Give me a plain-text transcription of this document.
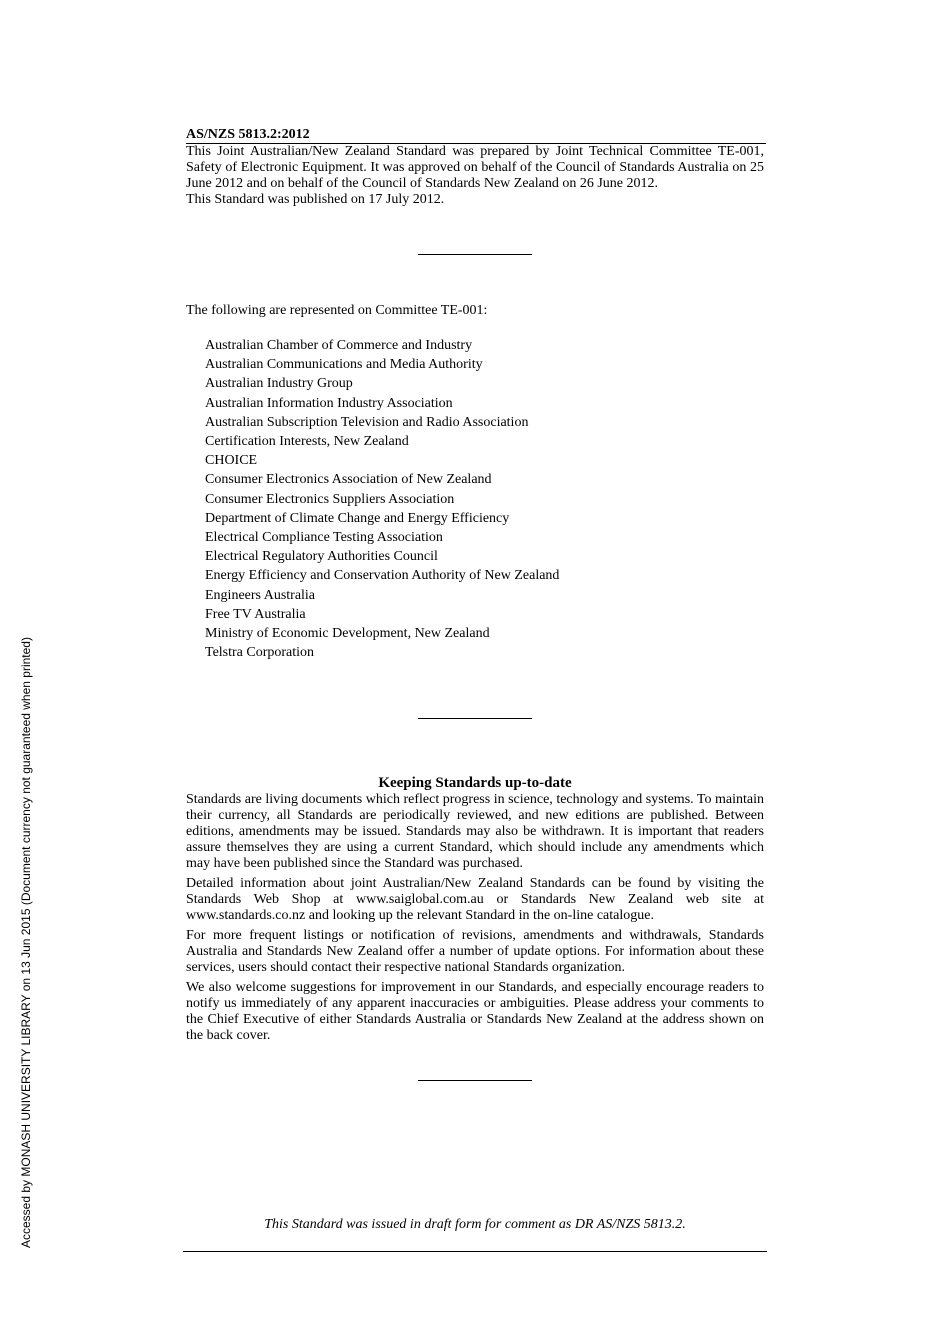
AS/NZS 5813.2:2012

This Joint Australian/New Zealand Standard was prepared by Joint Technical Committee TE-001, Safety of Electronic Equipment. It was approved on behalf of the Council of Standards Australia on 25 June 2012 and on behalf of the Council of Standards New Zealand on 26 June 2012.

This Standard was published on 17 July 2012.

The following are represented on Committee TE-001:
Australian Chamber of Commerce and Industry
Australian Communications and Media Authority
Australian Industry Group
Australian Information Industry Association
Australian Subscription Television and Radio Association
Certification Interests, New Zealand
CHOICE
Consumer Electronics Association of New Zealand
Consumer Electronics Suppliers Association
Department of Climate Change and Energy Efficiency
Electrical Compliance Testing Association
Electrical Regulatory Authorities Council
Energy Efficiency and Conservation Authority of New Zealand
Engineers Australia
Free TV Australia
Ministry of Economic Development, New Zealand
Telstra Corporation
Keeping Standards up-to-date

Standards are living documents which reflect progress in science, technology and systems. To maintain their currency, all Standards are periodically reviewed, and new editions are published. Between editions, amendments may be issued. Standards may also be withdrawn. It is important that readers assure themselves they are using a current Standard, which should include any amendments which may have been published since the Standard was purchased.

Detailed information about joint Australian/New Zealand Standards can be found by visiting the Standards Web Shop at www.saiglobal.com.au or Standards New Zealand web site at www.standards.co.nz and looking up the relevant Standard in the on-line catalogue.

For more frequent listings or notification of revisions, amendments and withdrawals, Standards Australia and Standards New Zealand offer a number of update options. For information about these services, users should contact their respective national Standards organization.

We also welcome suggestions for improvement in our Standards, and especially encourage readers to notify us immediately of any apparent inaccuracies or ambiguities. Please address your comments to the Chief Executive of either Standards Australia or Standards New Zealand at the address shown on the back cover.

This Standard was issued in draft form for comment as DR AS/NZS 5813.2.
Accessed by MONASH UNIVERSITY LIBRARY on 13 Jun 2015 (Document currency not guaranteed when printed)
